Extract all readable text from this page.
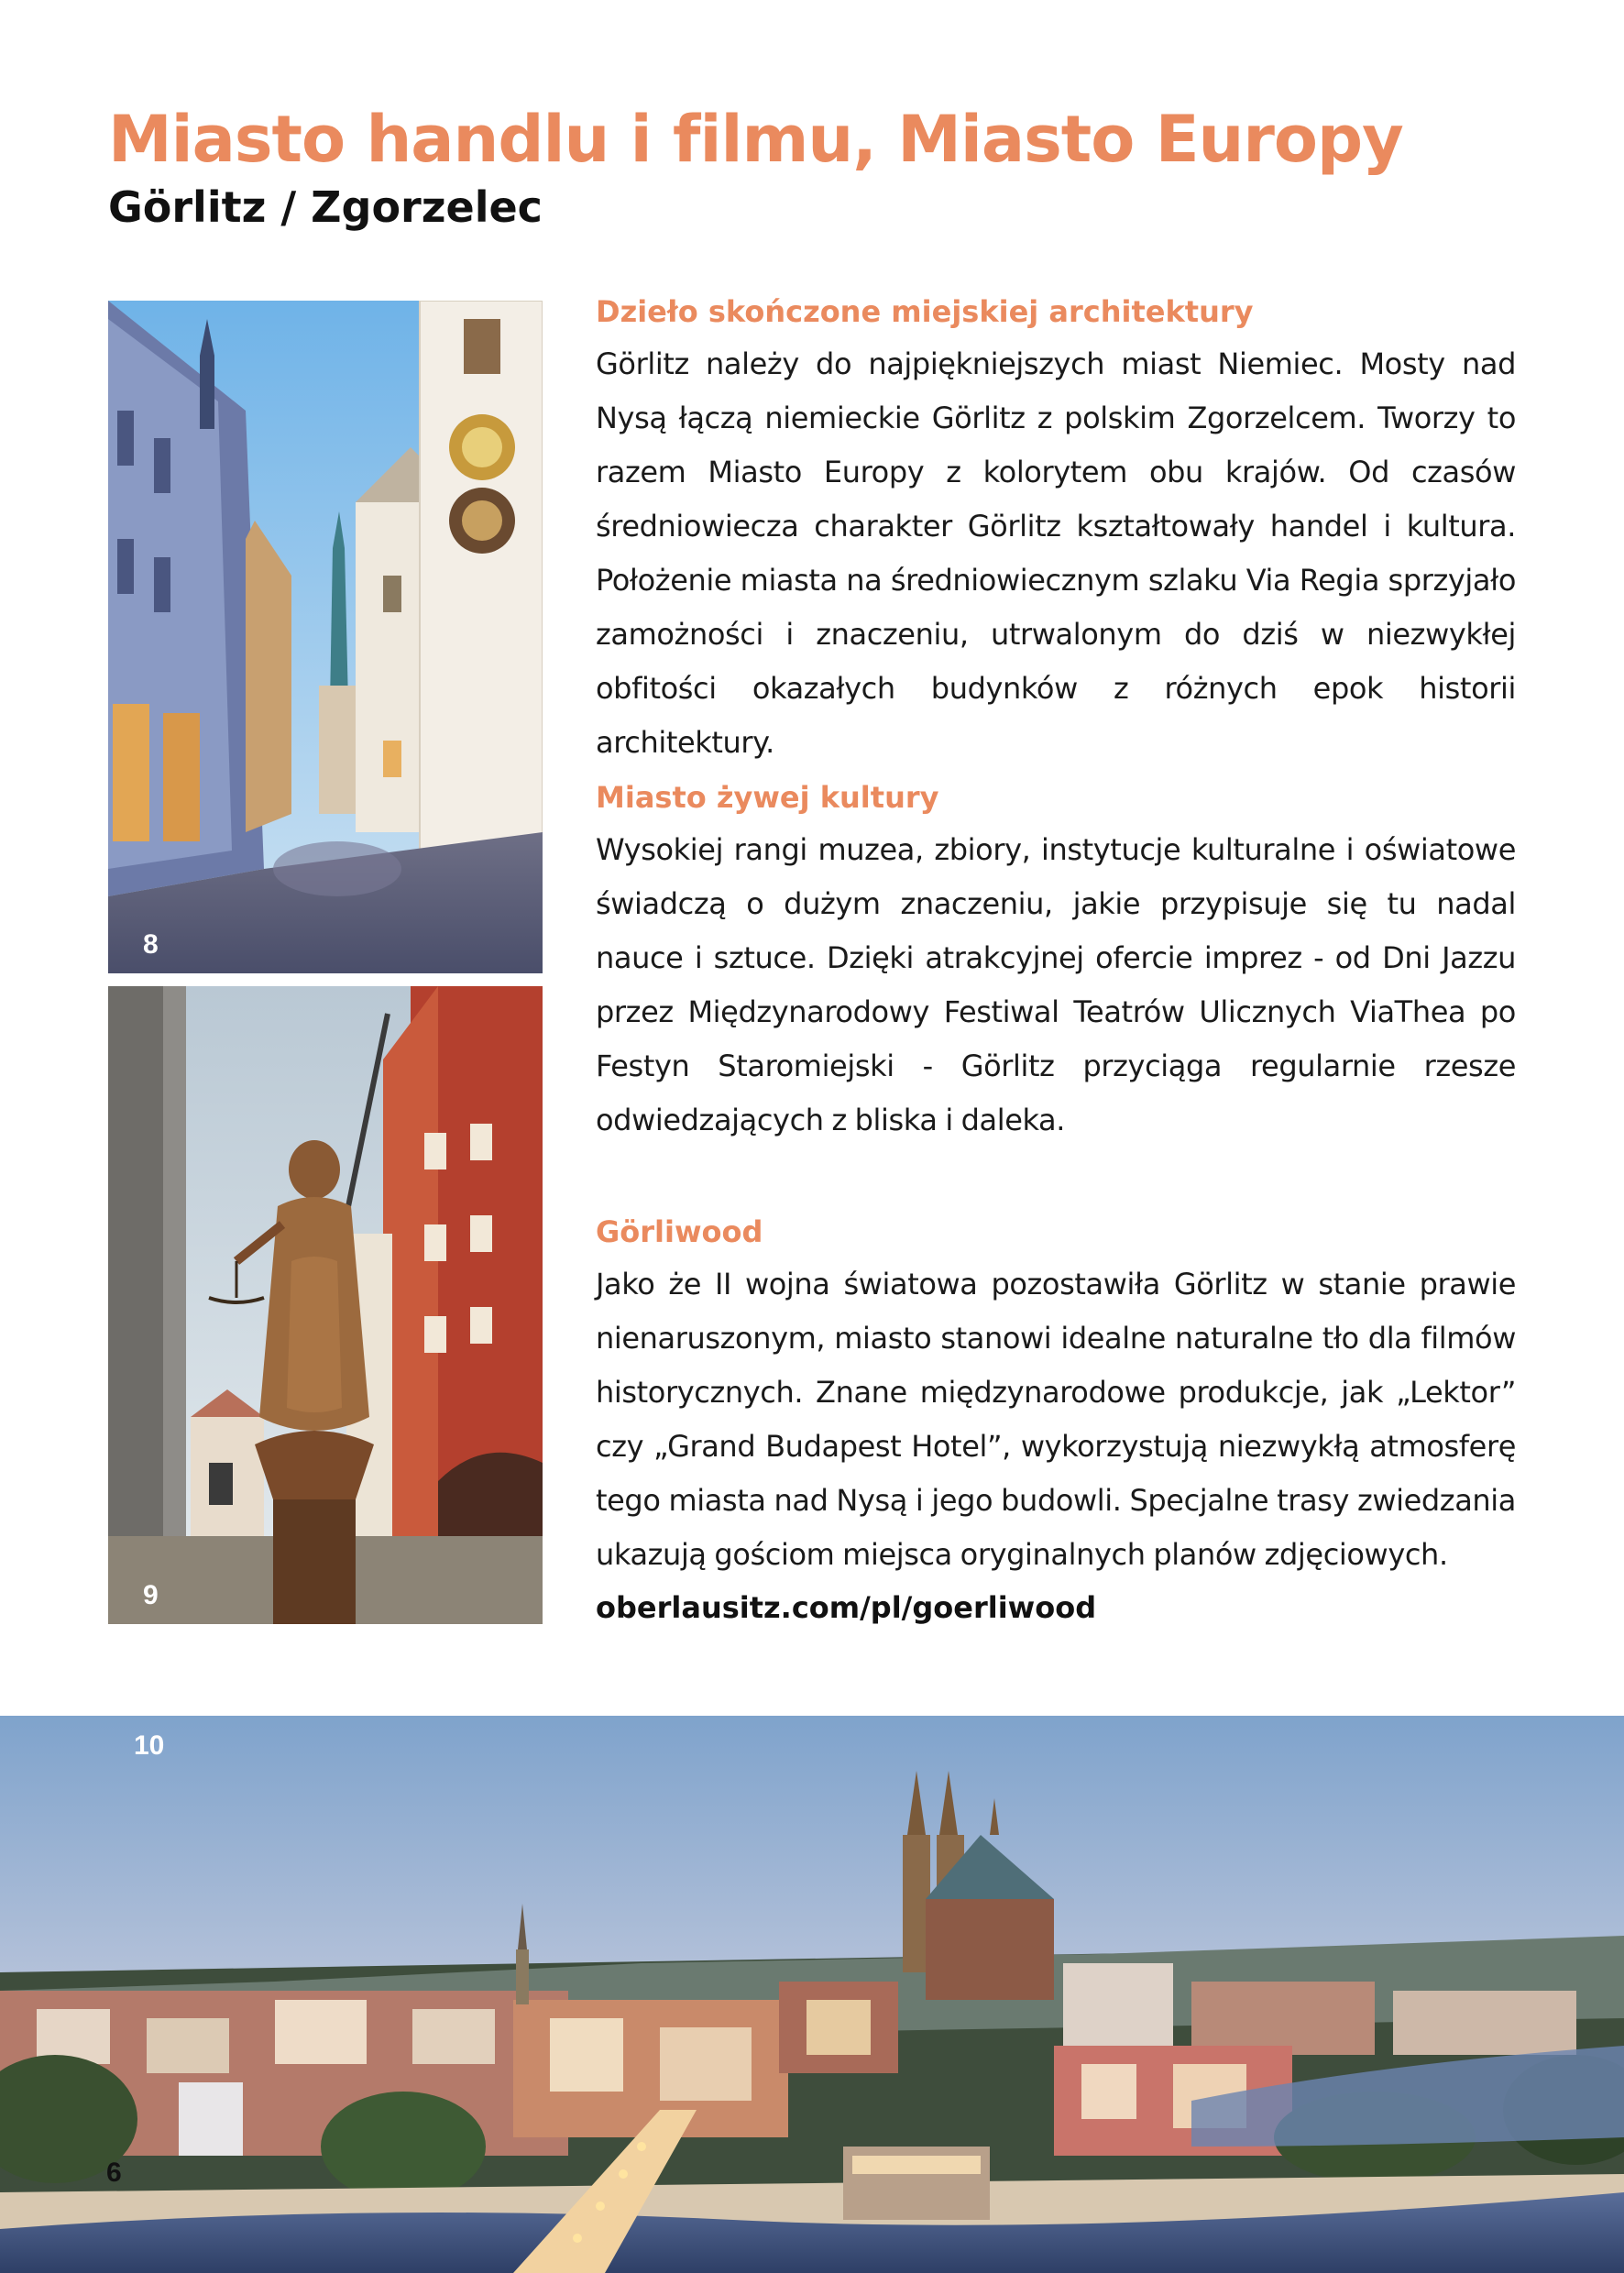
Miasto handlu i filmu, Miasto Europy
Görlitz / Zgorzelec
8
9
Dzieło skończone miejskiej architektury

Görlitz należy do najpiękniejszych miast Niemiec. Mosty nad Nysą łączą niemieckie Görlitz z polskim Zgorzelcem. Tworzy to razem Miasto Europy z kolorytem obu krajów. Od czasów średniowiecza charakter Görlitz kształtowały handel i kultura. Położenie miasta na średniowiecznym szlaku Via Regia sprzyjało zamożności i znaczeniu, utrwalonym do dziś w niezwykłej obfitości okazałych budynków z różnych epok historii architektury.

Miasto żywej kultury

Wysokiej rangi muzea, zbiory, instytucje kulturalne i oświatowe świadczą o dużym znaczeniu, jakie przypisuje się tu nadal nauce i sztuce. Dzięki atrakcyjnej ofercie imprez - od Dni Jazzu przez Międzynarodowy Festiwal Teatrów Ulicznych ViaThea po Festyn Staromiejski - Görlitz przyciąga regularnie rzesze odwiedzających z bliska i daleka.

Görliwood

Jako że II wojna światowa pozostawiła Görlitz w stanie prawie nienaruszonym, miasto stanowi idealne naturalne tło dla filmów historycznych. Znane międzynarodowe produkcje, jak „Lektor” czy „Grand Budapest Hotel”, wykorzystują niezwykłą atmosferę tego miasta nad Nysą i jego budowli. Specjalne trasy zwiedzania ukazują gościom miejsca oryginalnych planów zdjęciowych.

oberlausitz.com/pl/goerliwood

10
6
